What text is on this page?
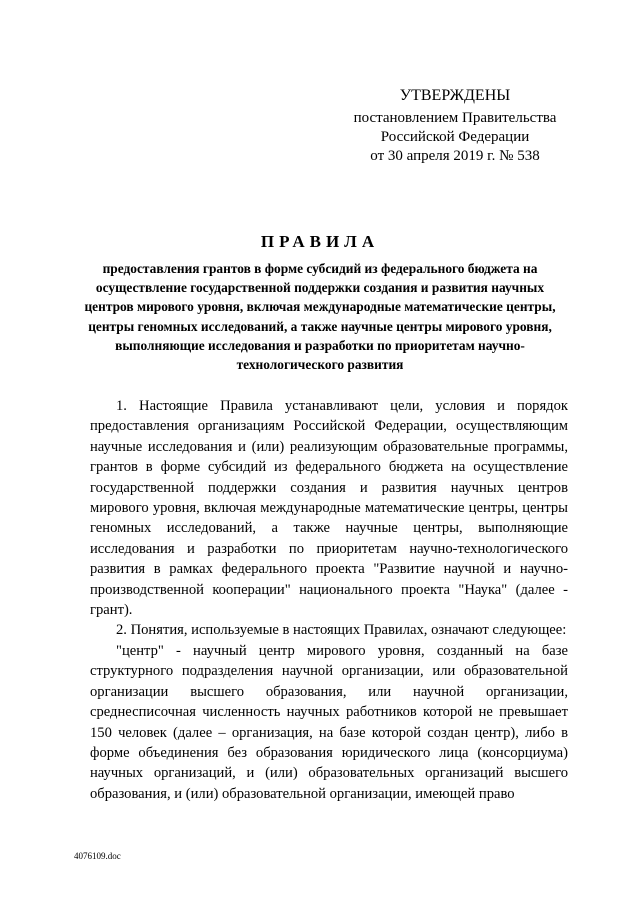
УТВЕРЖДЕНЫ
постановлением Правительства
Российской Федерации
от 30 апреля 2019 г. № 538
ПРАВИЛА
предоставления грантов в форме субсидий из федерального бюджета на осуществление государственной поддержки создания и развития научных центров мирового уровня, включая международные математические центры, центры геномных исследований, а также научные центры мирового уровня, выполняющие исследования и разработки по приоритетам научно-технологического развития

1. Настоящие Правила устанавливают цели, условия и порядок предоставления организациям Российской Федерации, осуществляющим научные исследования и (или) реализующим образовательные программы, грантов в форме субсидий из федерального бюджета на осуществление государственной поддержки создания и развития научных центров мирового уровня, включая международные математические центры, центры геномных исследований, а также научные центры, выполняющие исследования и разработки по приоритетам научно-технологического развития в рамках федерального проекта "Развитие научной и научно-производственной кооперации" национального проекта "Наука" (далее - грант).

2. Понятия, используемые в настоящих Правилах, означают следующее:

"центр" - научный центр мирового уровня, созданный на базе структурного подразделения научной организации, или образовательной организации высшего образования, или научной организации, среднесписочная численность научных работников которой не превышает 150 человек (далее – организация, на базе которой создан центр), либо в форме объединения без образования юридического лица (консорциума) научных организаций, и (или) образовательных организаций высшего образования, и (или) образовательной организации, имеющей право

4076109.doc
